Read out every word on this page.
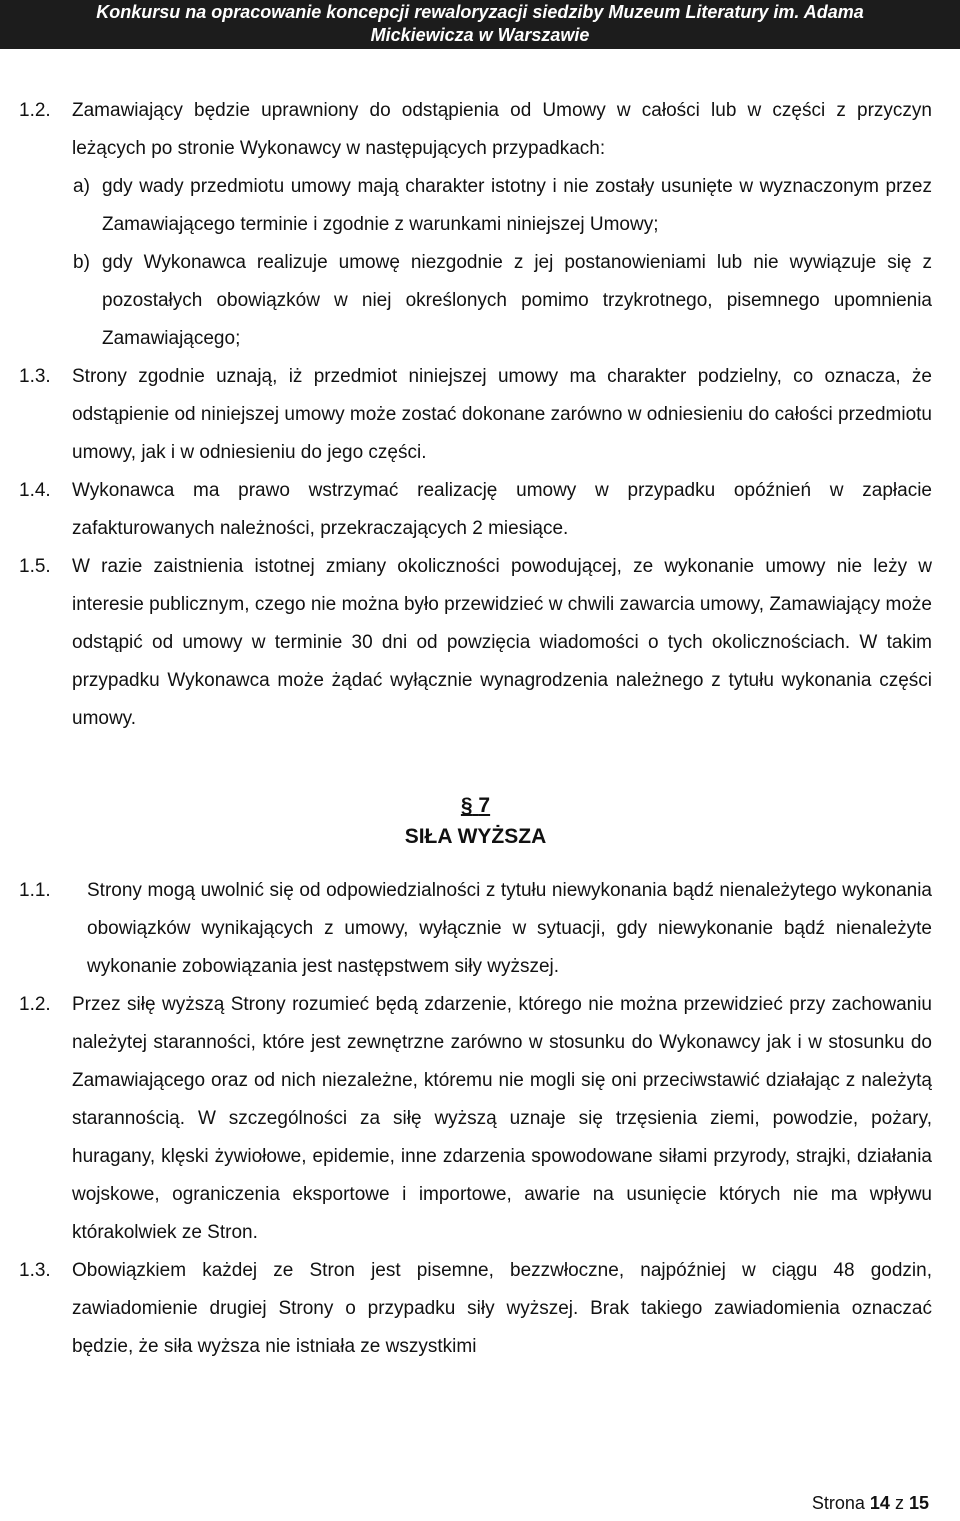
Konkursu na opracowanie koncepcji rewaloryzacji siedziby Muzeum Literatury im. Adama
Mickiewicza w Warszawie
1.2. Zamawiający będzie uprawniony do odstąpienia od Umowy w całości lub w części z przyczyn leżących po stronie Wykonawcy w następujących przypadkach:
a) gdy wady przedmiotu umowy mają charakter istotny i nie zostały usunięte w wyznaczonym przez Zamawiającego terminie i zgodnie z warunkami niniejszej Umowy;
b) gdy Wykonawca realizuje umowę niezgodnie z jej postanowieniami lub nie wywiązuje się z pozostałych obowiązków w niej określonych pomimo trzykrotnego, pisemnego upomnienia Zamawiającego;
1.3. Strony zgodnie uznają, iż przedmiot niniejszej umowy ma charakter podzielny, co oznacza, że odstąpienie od niniejszej umowy może zostać dokonane zarówno w odniesieniu do całości przedmiotu umowy, jak i w odniesieniu do jego części.
1.4. Wykonawca ma prawo wstrzymać realizację umowy w przypadku opóźnień w zapłacie zafakturowanych należności, przekraczających 2 miesiące.
1.5. W razie zaistnienia istotnej zmiany okoliczności powodującej, ze wykonanie umowy nie leży w interesie publicznym, czego nie można było przewidzieć w chwili zawarcia umowy, Zamawiający może odstąpić od umowy w terminie 30 dni od powzięcia wiadomości o tych okolicznościach. W takim przypadku Wykonawca może żądać wyłącznie wynagrodzenia należnego z tytułu wykonania części umowy.
§ 7
SIŁA WYŻSZA
1.1. Strony mogą uwolnić się od odpowiedzialności z tytułu niewykonania bądź nienależytego wykonania obowiązków wynikających z umowy, wyłącznie w sytuacji, gdy niewykonanie bądź nienależyte wykonanie zobowiązania jest następstwem siły wyższej.
1.2. Przez siłę wyższą Strony rozumieć będą zdarzenie, którego nie można przewidzieć przy zachowaniu należytej staranności, które jest zewnętrzne zarówno w stosunku do Wykonawcy jak i w stosunku do Zamawiającego oraz od nich niezależne, któremu nie mogli się oni przeciwstawić działając z należytą starannością. W szczególności za siłę wyższą uznaje się trzęsienia ziemi, powodzie, pożary, huragany, klęski żywiołowe, epidemie, inne zdarzenia spowodowane siłami przyrody, strajki, działania wojskowe, ograniczenia eksportowe i importowe, awarie na usunięcie których nie ma wpływu którakolwiek ze Stron.
1.3. Obowiązkiem każdej ze Stron jest pisemne, bezzwłoczne, najpóźniej w ciągu 48 godzin, zawiadomienie drugiej Strony o przypadku siły wyższej. Brak takiego zawiadomienia oznaczać będzie, że siła wyższa nie istniała ze wszystkimi
Strona 14 z 15
